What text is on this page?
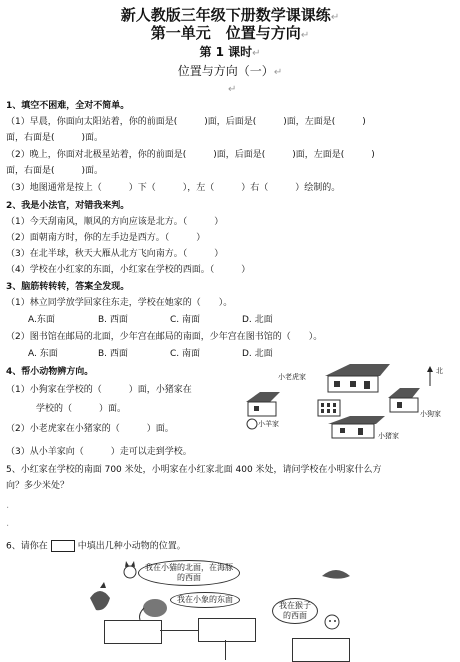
新人教版三年级下册数学课课练↵
第一单元　位置与方向↵
第 1 课时↵
位置与方向（一）↵
↵
1、填空不困难，全对不简单。
（1）早晨，你面向太阳站着，你的前面是(　　　)面，后面是(　　　)面，左面是(　　　)
面，右面是(　　　)面。
（2）晚上，你面对北极星站着，你的前面是(　　　)面，后面是(　　　)面，左面是(　　　)
面，右面是(　　　)面。
（3）地图通常是按上（　　　）下（　　　），左（　　　）右（　　　）绘制的。
2、我是小法官，对错我来判。
（1）今天刮南风，顺风的方向应该是北方。（　　　）
（2）面朝南方时，你的左手边是西方。（　　　）
（3）在北半球，秋天大雁从北方飞向南方。（　　　）
（4）学校在小红家的东面，小红家在学校的西面。（　　　）
3、脑筋转转转，答案全发现。
（1）林立同学放学回家往东走，学校在她家的（　　）。
A.东面	B. 西面	C. 南面	D. 北面
（2）图书馆在邮局的北面，少年宫在邮局的南面，少年宫在图书馆的（　　）。
A. 东面	B. 西面	C. 南面	D. 北面
4、帮小动物辨方向。
（1）小狗家在学校的（　　　）面，小猪家在
学校的（　　　）面。
（2）小老虎家在小猪家的（　　　）面。
（3）从小羊家向（　　　）走可以走到学校。
小老虎家
北
小羊家
小狗家
小猪家
5、小红家在学校的南面 700 米处，小明家在小红家北面 400 米处，请问学校在小明家什么方
向？多少米处？
.
.
6、请你在	中填出几种小动物的位置。
我在小猫的北面，在海豚
的西面
我在小象的东面
我在猴子
的西面
